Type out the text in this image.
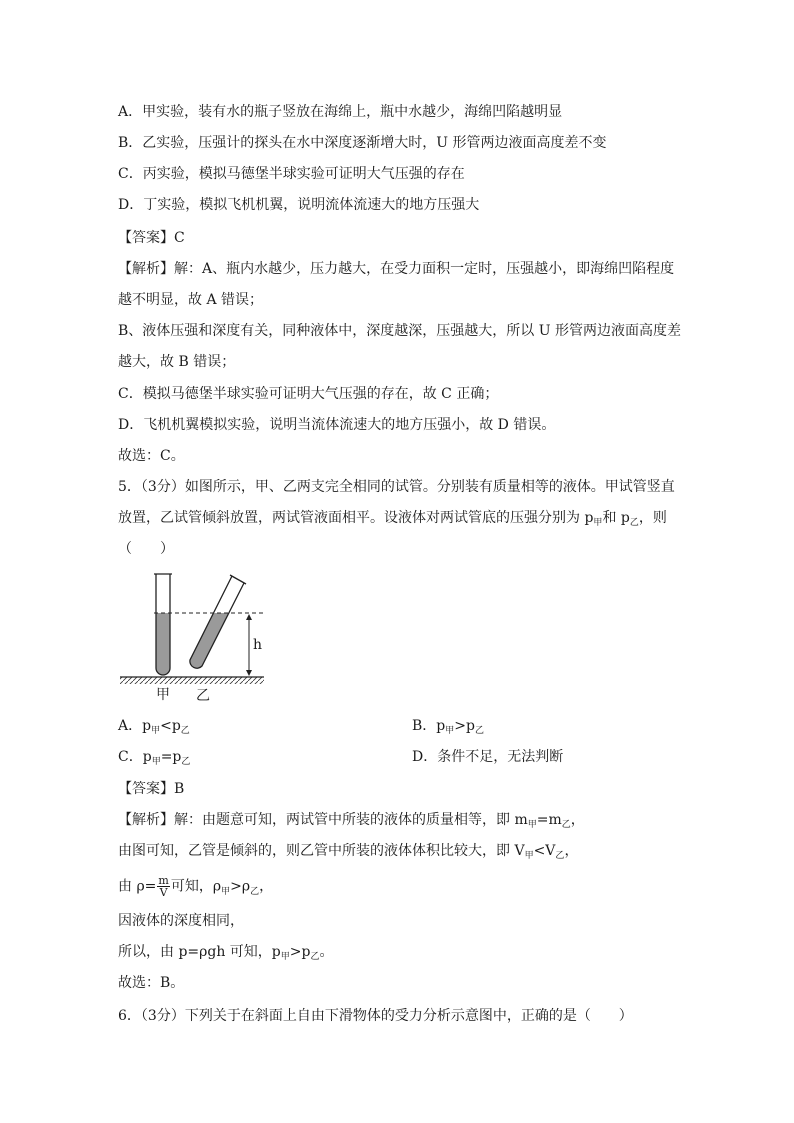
A．甲实验，装有水的瓶子竖放在海绵上，瓶中水越少，海绵凹陷越明显
B．乙实验，压强计的探头在水中深度逐渐增大时，U 形管两边液面高度差不变
C．丙实验，模拟马德堡半球实验可证明大气压强的存在
D．丁实验，模拟飞机机翼，说明流体流速大的地方压强大
【答案】C
【解析】解：A、瓶内水越少，压力越大，在受力面积一定时，压强越小，即海绵凹陷程度
越不明显，故 A 错误；
B、液体压强和深度有关，同种液体中，深度越深，压强越大，所以 U 形管两边液面高度差
越大，故 B 错误；
C．模拟马德堡半球实验可证明大气压强的存在，故 C 正确；
D．飞机机翼模拟实验，说明当流体流速大的地方压强小，故 D 错误。
故选：C。
5．（3分）如图所示，甲、乙两支完全相同的试管。分别装有质量相等的液体。甲试管竖直
放置，乙试管倾斜放置，两试管液面相平。设液体对两试管底的压强分别为 $p_甲$和 $p_乙$，则
（　　）
h
甲 乙
A．$p_甲<p_乙$	B．$p_甲>p_乙$
C．$p_甲=p_乙$	D．条件不足，无法判断
【答案】B
【解析】解：由题意可知，两试管中所装的液体的质量相等，即 $m_甲=m_乙$，
由图可知，乙管是倾斜的，则乙管中所装的液体体积比较大，即 $V_甲<V_乙$，
由 $\rho= \frac{m}{V}$ 可知，$\rho_甲>\rho_乙$，
因液体的深度相同，
所以，由 p=ρgh 可知，$p_甲>p_乙$。
故选：B。
6．（3分）下列关于在斜面上自由下滑物体的受力分析示意图中，正确的是（　　）
